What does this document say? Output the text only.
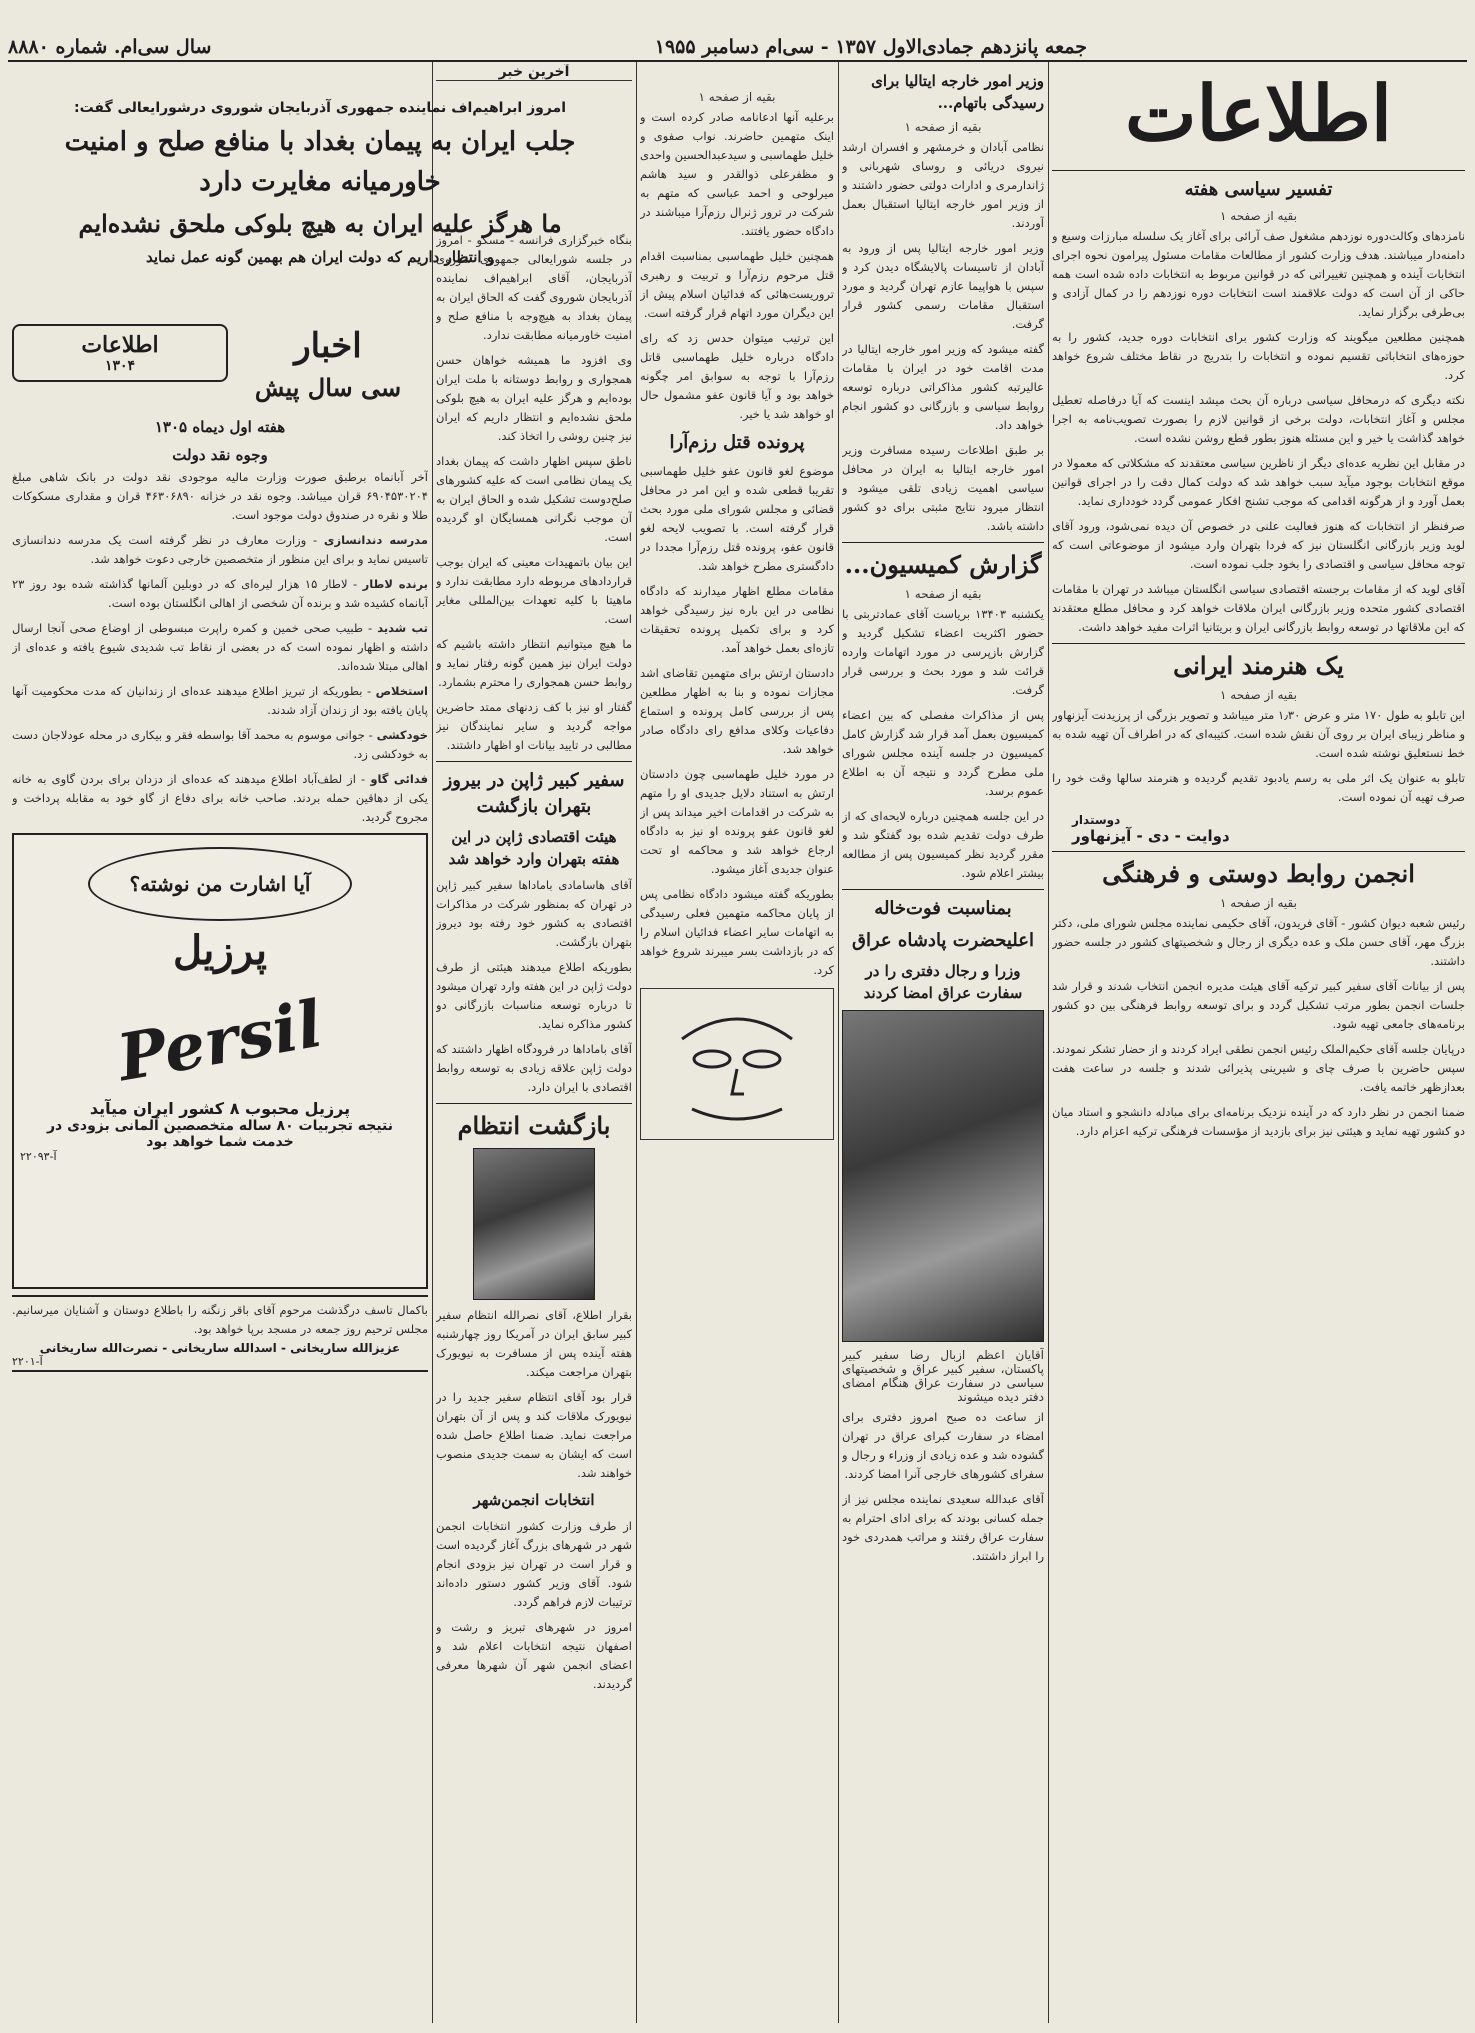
جمعه پانزدهم جمادی‌الاول ۱۳۵۷ - سی‌ام دسامبر ۱۹۵۵
سال سی‌ام. شماره ۸۸۸۰
اطلاعات
تفسیر سیاسی هفته
بقیه از صفحه ۱

نامزدهای وکالت‌دوره نوزدهم مشغول صف آرائی برای آغاز یک سلسله مبارزات وسیع و دامنه‌دار میباشند. هدف وزارت کشور از مطالعات مقامات مسئول پیرامون نحوه اجرای انتخابات آینده و همچنین تغییراتی که در قوانین مربوط به انتخابات داده شده است همه حاکی از آن است که دولت علاقمند است انتخابات دوره نوزدهم را در کمال آزادی و بی‌طرفی برگزار نماید.

همچنین مطلعین میگویند که وزارت کشور برای انتخابات دوره جدید، کشور را به حوزه‌های انتخاباتی تقسیم نموده و انتخابات را بتدریج در نقاط مختلف شروع خواهد کرد.

نکته دیگری که درمحافل سیاسی درباره آن بحث میشد اینست که آیا درفاصله تعطیل مجلس و آغاز انتخابات، دولت برخی از قوانین لازم را بصورت تصویب‌نامه به اجرا خواهد گذاشت یا خیر و این مسئله هنوز بطور قطع روشن نشده است.

در مقابل این نظریه عده‌ای دیگر از ناظرین سیاسی معتقدند که مشکلاتی که معمولا در موقع انتخابات بوجود میآید سبب خواهد شد که دولت کمال دقت را در اجرای قوانین بعمل آورد و از هرگونه اقدامی که موجب تشنج افکار عمومی گردد خودداری نماید.

صرفنظر از انتخابات که هنوز فعالیت علنی در خصوص آن دیده نمی‌شود، ورود آقای لوید وزیر بازرگانی انگلستان نیز که فردا بتهران وارد میشود از موضوعاتی است که توجه محافل سیاسی و اقتصادی را بخود جلب نموده است.

آقای لوید که از مقامات برجسته اقتصادی سیاسی انگلستان میباشد در تهران با مقامات اقتصادی کشور متحده وزیر بازرگانی ایران ملاقات خواهد کرد و محافل مطلع معتقدند که این ملاقاتها در توسعه روابط بازرگانی ایران و بریتانیا اثرات مفید خواهد داشت.

یک هنرمند ایرانی
بقیه از صفحه ۱

این تابلو به طول ۱۷۰ متر و عرض ۱٫۳۰ متر میباشد و تصویر بزرگی از پرزیدنت آیزنهاور و مناظر زیبای ایران بر روی آن نقش شده است. کتیبه‌ای که در اطراف آن تهیه شده به خط نستعلیق نوشته شده است.

تابلو به عنوان یک اثر ملی به رسم یادبود تقدیم گردیده و هنرمند سالها وقت خود را صرف تهیه آن نموده است.

دوستدار
دوایت - دی - آیزنهاور
انجمن روابط دوستی و فرهنگی
بقیه از صفحه ۱

رئیس شعبه دیوان کشور - آقای فریدون، آقای حکیمی نماینده مجلس شورای ملی، دکتر بزرگ مهر، آقای حسن ملک و عده دیگری از رجال و شخصیتهای کشور در جلسه حضور داشتند.

پس از بیانات آقای سفیر کبیر ترکیه آقای هیئت مدیره انجمن انتخاب شدند و قرار شد جلسات انجمن بطور مرتب تشکیل گردد و برای توسعه روابط فرهنگی بین دو کشور برنامه‌های جامعی تهیه شود.

درپایان جلسه آقای حکیم‌الملک رئیس انجمن نطقی ایراد کردند و از حضار تشکر نمودند. سپس حاضرین با صرف چای و شیرینی پذیرائی شدند و جلسه در ساعت هفت بعدازظهر خاتمه یافت.

ضمنا انجمن در نظر دارد که در آینده نزدیک برنامه‌ای برای مبادله دانشجو و استاد میان دو کشور تهیه نماید و هیئتی نیز برای بازدید از مؤسسات فرهنگی ترکیه اعزام دارد.

وزیر امور خارجه ایتالیا برای رسیدگی باتهام...
بقیه از صفحه ۱

نظامی آبادان و خرمشهر و افسران ارشد نیروی دریائی و روسای شهربانی و ژاندارمری و ادارات دولتی حضور داشتند و از وزیر امور خارجه ایتالیا استقبال بعمل آوردند.

وزیر امور خارجه ایتالیا پس از ورود به آبادان از تاسیسات پالایشگاه دیدن کرد و سپس با هواپیما عازم تهران گردید و مورد استقبال مقامات رسمی کشور قرار گرفت.

گفته میشود که وزیر امور خارجه ایتالیا در مدت اقامت خود در ایران با مقامات عالیرتبه کشور مذاکراتی درباره توسعه روابط سیاسی و بازرگانی دو کشور انجام خواهد داد.

بر طبق اطلاعات رسیده مسافرت وزیر امور خارجه ایتالیا به ایران در محافل سیاسی اهمیت زیادی تلقی میشود و انتظار میرود نتایج مثبتی برای دو کشور داشته باشد.

گزارش کمیسیون...
بقیه از صفحه ۱

یکشنبه ۱۳۴۰۳ بریاست آقای عمادتربتی با حضور اکثریت اعضاء تشکیل گردید و گزارش بازپرسی در مورد اتهامات وارده قرائت شد و مورد بحث و بررسی قرار گرفت.

پس از مذاکرات مفصلی که بین اعضاء کمیسیون بعمل آمد قرار شد گزارش کامل کمیسیون در جلسه آینده مجلس شورای ملی مطرح گردد و نتیجه آن به اطلاع عموم برسد.

در این جلسه همچنین درباره لایحه‌ای که از طرف دولت تقدیم شده بود گفتگو شد و مقرر گردید نظر کمیسیون پس از مطالعه بیشتر اعلام شود.

بمناسبت فوت‌خاله
اعلیحضرت پادشاه عراق
وزرا و رجال دفتری را در سفارت عراق امضا کردند
آقایان اعظم ازبال رضا سفیر کبیر پاکستان، سفیر کبیر عراق و شخصیتهای سیاسی در سفارت عراق هنگام امضای دفتر دیده میشوند

از ساعت ده صبح امروز دفتری برای امضاء در سفارت کبرای عراق در تهران گشوده شد و عده زیادی از وزراء و رجال و سفرای کشورهای خارجی آنرا امضا کردند.

آقای عبدالله سعیدی نماینده مجلس نیز از جمله کسانی بودند که برای ادای احترام به سفارت عراق رفتند و مراتب همدردی خود را ابراز داشتند.

بقیه از صفحه ۱

برعلیه آنها ادعانامه صادر کرده است و اینک متهمین حاضرند. نواب صفوی و خلیل طهماسبی و سیدعبدالحسین واحدی و مظفرعلی ذوالقدر و سید هاشم میرلوحی و احمد عباسی که متهم به شرکت در ترور ژنرال رزم‌آرا میباشند در دادگاه حضور یافتند.

همچنین خلیل طهماسبی بمناسبت اقدام قتل مرحوم رزم‌آرا و تربیت و رهبری تروریست‌هائی که فدائیان اسلام پیش از این دیگران مورد اتهام قرار گرفته است.

این ترتیب میتوان حدس زد که رای دادگاه درباره خلیل طهماسبی قاتل رزم‌آرا با توجه به سوابق امر چگونه خواهد بود و آیا قانون عفو مشمول حال او خواهد شد یا خیر.

پرونده قتل رزم‌آرا

موضوع لغو قانون عفو خلیل طهماسبی تقریبا قطعی شده و این امر در محافل قضائی و مجلس شورای ملی مورد بحث قرار گرفته است. با تصویب لایحه لغو قانون عفو، پرونده قتل رزم‌آرا مجددا در دادگستری مطرح خواهد شد.

مقامات مطلع اظهار میدارند که دادگاه نظامی در این باره نیز رسیدگی خواهد کرد و برای تکمیل پرونده تحقیقات تازه‌ای بعمل خواهد آمد.

دادستان ارتش برای متهمین تقاضای اشد مجازات نموده و بنا به اظهار مطلعین پس از بررسی کامل پرونده و استماع دفاعیات وکلای مدافع رای دادگاه صادر خواهد شد.

در مورد خلیل طهماسبی چون دادستان ارتش به استناد دلایل جدیدی او را متهم به شرکت در اقدامات اخیر میداند پس از لغو قانون عفو پرونده او نیز به دادگاه ارجاع خواهد شد و محاکمه او تحت عنوان جدیدی آغاز میشود.

بطوریکه گفته میشود دادگاه نظامی پس از پایان محاکمه متهمین فعلی رسیدگی به اتهامات سایر اعضاء فدائیان اسلام را که در بازداشت بسر میبرند شروع خواهد کرد.

آخرین خبر

بنگاه خبرگزاری فرانسه - مسکو - امروز در جلسه شورایعالی جمهوری شوروی آذربایجان، آقای ابراهیم‌اف نماینده آذربایجان شوروی گفت که الحاق ایران به پیمان بغداد به هیچ‌وجه با منافع صلح و امنیت خاورمیانه مطابقت ندارد.

وی افزود ما همیشه خواهان حسن همجواری و روابط دوستانه با ملت ایران بوده‌ایم و هرگز علیه ایران به هیچ بلوکی ملحق نشده‌ایم و انتظار داریم که ایران نیز چنین روشی را اتخاذ کند.

ناطق سپس اظهار داشت که پیمان بغداد یک پیمان نظامی است که علیه کشورهای صلح‌دوست تشکیل شده و الحاق ایران به آن موجب نگرانی همسایگان او گردیده است.

این بیان باتمهیدات معینی که ایران بوجب قراردادهای مربوطه دارد مطابقت ندارد و ماهیتا با کلیه تعهدات بین‌المللی مغایر است.

ما هیچ میتوانیم انتظار داشته باشیم که دولت ایران نیز همین گونه رفتار نماید و روابط حسن همجواری را محترم بشمارد.

گفتار او نیز با کف زدنهای ممتد حاضرین مواجه گردید و سایر نمایندگان نیز مطالبی در تایید بیانات او اظهار داشتند.

سفیر کبیر ژاپن در بیروز بتهران بازگشت
هیئت اقتصادی ژاپن در این هفته بتهران وارد خواهد شد

آقای هاسامادی باماداها سفیر کبیر ژاپن در تهران که بمنظور شرکت در مذاکرات اقتصادی به کشور خود رفته بود دیروز بتهران بازگشت.

بطوریکه اطلاع میدهند هیئتی از طرف دولت ژاپن در این هفته وارد تهران میشود تا درباره توسعه مناسبات بازرگانی دو کشور مذاکره نماید.

آقای باماداها در فرودگاه اظهار داشتند که دولت ژاپن علاقه زیادی به توسعه روابط اقتصادی با ایران دارد.

بازگشت انتظام

بقرار اطلاع، آقای نصرالله انتظام سفیر کبیر سابق ایران در آمریکا روز چهارشنبه هفته آینده پس از مسافرت به نیویورک بتهران مراجعت میکند.

قرار بود آقای انتظام سفیر جدید را در نیویورک ملاقات کند و پس از آن بتهران مراجعت نماید. ضمنا اطلاع حاصل شده است که ایشان به سمت جدیدی منصوب خواهند شد.

انتخابات انجمن‌شهر

از طرف وزارت کشور انتخابات انجمن شهر در شهرهای بزرگ آغاز گردیده است و قرار است در تهران نیز بزودی انجام شود. آقای وزیر کشور دستور داده‌اند ترتیبات لازم فراهم گردد.

امروز در شهرهای تبریز و رشت و اصفهان نتیجه انتخابات اعلام شد و اعضای انجمن شهر آن شهرها معرفی گردیدند.

امروز ابراهیم‌اف نماینده جمهوری آذربایجان شوروی درشورایعالی گفت:
جلب ایران به پیمان بغداد با منافع صلح و امنیت خاورمیانه مغایرت دارد
ما هرگز علیه ایران به هیچ بلوکی ملحق نشده‌ایم
و انتظار داریم که دولت ایران هم بهمین گونه عمل نماید
اخبار
سی سال پیش
اطلاعات
۱۳۰۴
هفته اول دیماه ۱۳۰۵
وجوه نقد دولت

آخر آبانماه برطبق صورت وزارت مالیه موجودی نقد دولت در بانک شاهی مبلغ ۶۹۰۴۵۳۰۲۰۴ قران میباشد. وجوه نقد در خزانه ۴۶۳۰۶۸۹۰ قران و مقداری مسکوکات طلا و نقره در صندوق دولت موجود است.

مدرسه دندانسازی - وزارت معارف در نظر گرفته است یک مدرسه دندانسازی تاسیس نماید و برای این منظور از متخصصین خارجی دعوت خواهد شد.

برنده لاطار - لاطار ۱۵ هزار لیره‌ای که در دوبلین آلمانها گذاشته شده بود روز ۲۳ آبانماه کشیده شد و برنده آن شخصی از اهالی انگلستان بوده است.

تب شدید - طبیب صحی خمین و کمره راپرت مبسوطی از اوضاع صحی آنجا ارسال داشته و اظهار نموده است که در بعضی از نقاط تب شدیدی شیوع یافته و عده‌ای از اهالی مبتلا شده‌اند.

استخلاص - بطوریکه از تبریز اطلاع میدهند عده‌ای از زندانیان که مدت محکومیت آنها پایان یافته بود از زندان آزاد شدند.

خودکشی - جوانی موسوم به محمد آقا بواسطه فقر و بیکاری در محله عودلاجان دست به خودکشی زد.

فدائی گاو - از لطف‌آباد اطلاع میدهند که عده‌ای از دزدان برای بردن گاوی به خانه یکی از دهاقین حمله بردند. صاحب خانه برای دفاع از گاو خود به مقابله پرداخت و مجروح گردید.

آیا اشارت من نوشته؟
پرزیل
Persil
پرزیل محبوب ۸ کشور ایران میآید
نتیجه تجربیات ۸۰ ساله متخصصین آلمانی بزودی در
خدمت شما خواهد بود
آ-۲۲۰۹۳

باکمال تاسف درگذشت مرحوم آقای باقر زنگنه را باطلاع دوستان و آشنایان میرسانیم. مجلس ترحیم روز جمعه در مسجد برپا خواهد بود.

عزیزالله ساریخانی - اسدالله ساریخانی - نصرت‌الله ساریخانی
آ-۲۲۰۱
